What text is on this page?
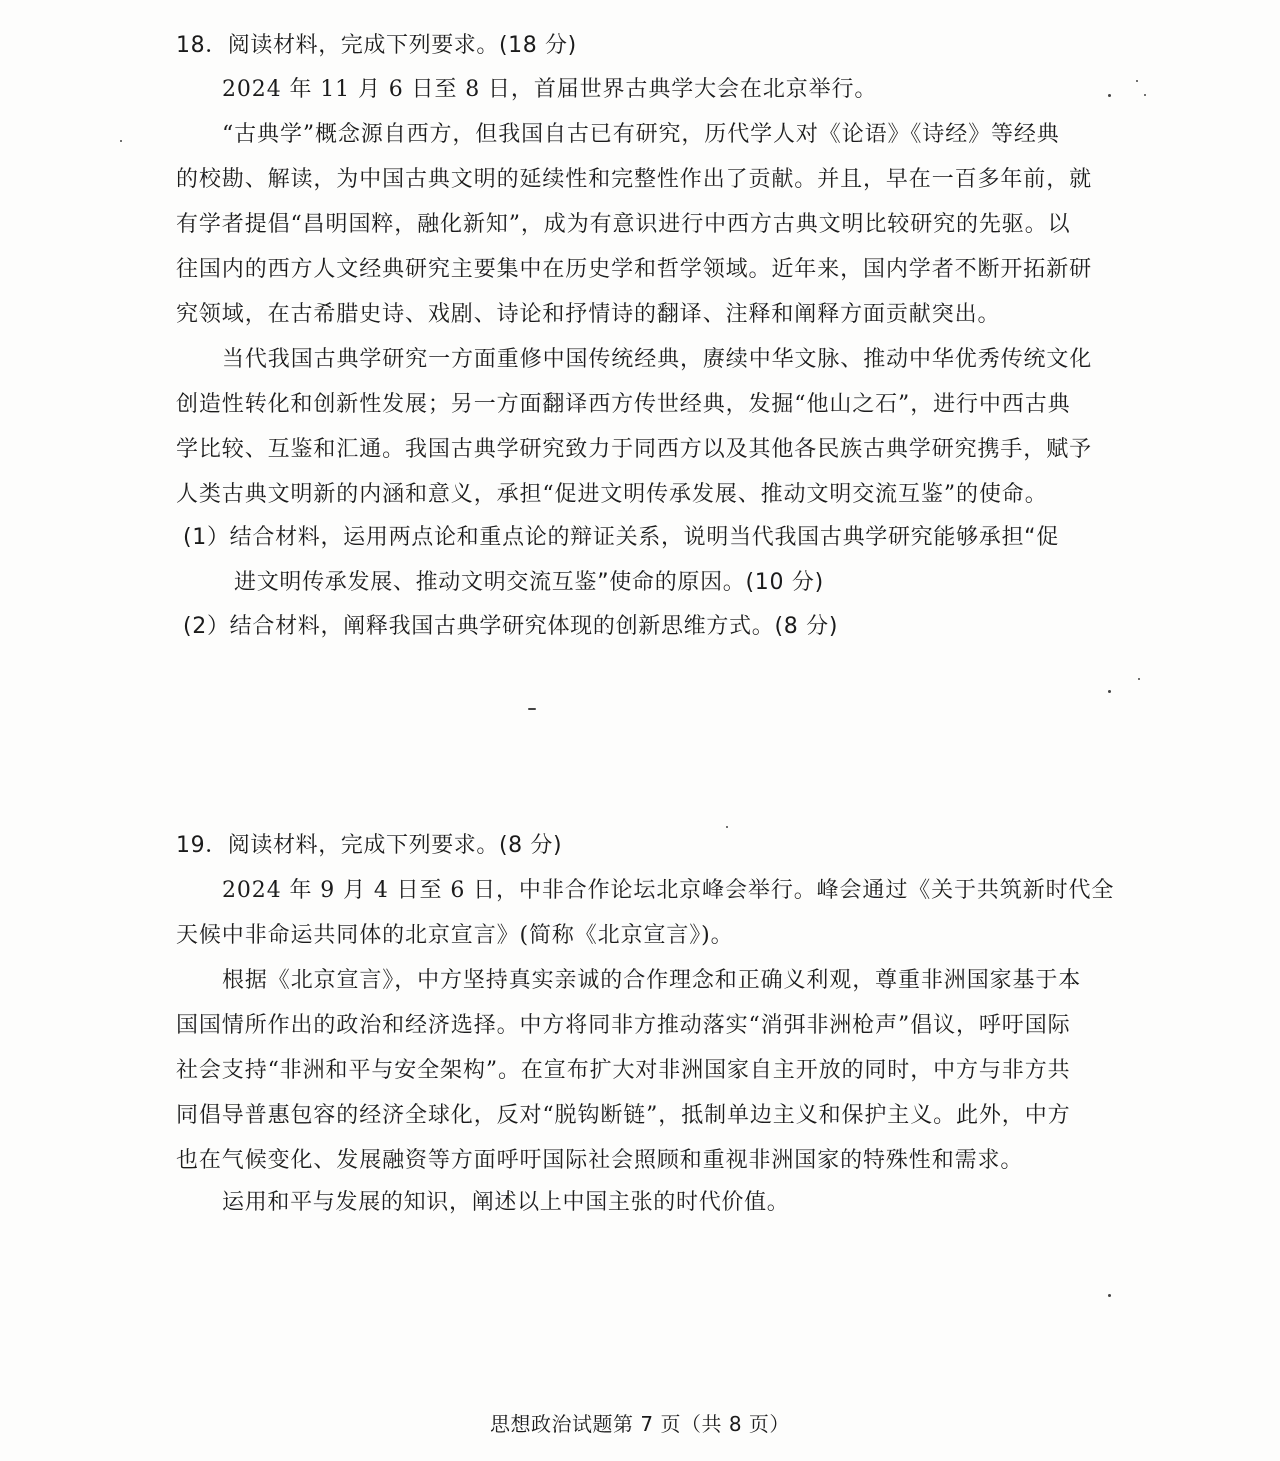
18．阅读材料，完成下列要求。(18 分)
2024 年 11 月 6 日至 8 日，首届世界古典学大会在北京举行。
“古典学”概念源自西方，但我国自古已有研究，历代学人对《论语》《诗经》等经典
的校勘、解读，为中国古典文明的延续性和完整性作出了贡献。并且，早在一百多年前，就
有学者提倡“昌明国粹，融化新知”，成为有意识进行中西方古典文明比较研究的先驱。以
往国内的西方人文经典研究主要集中在历史学和哲学领域。近年来，国内学者不断开拓新研
究领域，在古希腊史诗、戏剧、诗论和抒情诗的翻译、注释和阐释方面贡献突出。
当代我国古典学研究一方面重修中国传统经典，赓续中华文脉、推动中华优秀传统文化
创造性转化和创新性发展；另一方面翻译西方传世经典，发掘“他山之石”，进行中西古典
学比较、互鉴和汇通。我国古典学研究致力于同西方以及其他各民族古典学研究携手，赋予
人类古典文明新的内涵和意义，承担“促进文明传承发展、推动文明交流互鉴”的使命。
(1）结合材料，运用两点论和重点论的辩证关系，说明当代我国古典学研究能够承担“促
进文明传承发展、推动文明交流互鉴”使命的原因。(10 分)
(2）结合材料，阐释我国古典学研究体现的创新思维方式。(8 分)
19．阅读材料，完成下列要求。(8 分)
2024 年 9 月 4 日至 6 日，中非合作论坛北京峰会举行。峰会通过《关于共筑新时代全
天候中非命运共同体的北京宣言》(简称《北京宣言》)。
根据《北京宣言》，中方坚持真实亲诚的合作理念和正确义利观，尊重非洲国家基于本
国国情所作出的政治和经济选择。中方将同非方推动落实“消弭非洲枪声”倡议，呼吁国际
社会支持“非洲和平与安全架构”。在宣布扩大对非洲国家自主开放的同时，中方与非方共
同倡导普惠包容的经济全球化，反对“脱钩断链”，抵制单边主义和保护主义。此外，中方
也在气候变化、发展融资等方面呼吁国际社会照顾和重视非洲国家的特殊性和需求。
运用和平与发展的知识，阐述以上中国主张的时代价值。
思想政治试题第 7 页（共 8 页）
